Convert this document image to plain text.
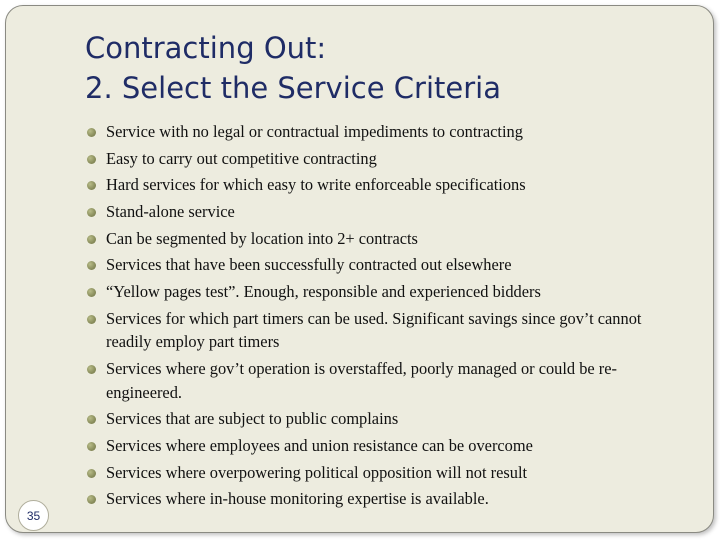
Contracting Out:
2. Select the Service Criteria
Service with no legal or contractual impediments to contracting
Easy to carry out competitive contracting
Hard services for which easy to write enforceable specifications
Stand-alone service
Can be segmented by location into 2+ contracts
Services that have been successfully contracted out elsewhere
“Yellow pages test”. Enough, responsible and experienced bidders
Services for which part timers can be used. Significant savings since gov’t cannot readily employ part timers
Services where gov’t operation is overstaffed, poorly managed or could be re-engineered.
Services that are subject to public complains
Services where employees and union resistance can be overcome
Services where overpowering political opposition will not result
Services where in-house monitoring expertise is available.
35
